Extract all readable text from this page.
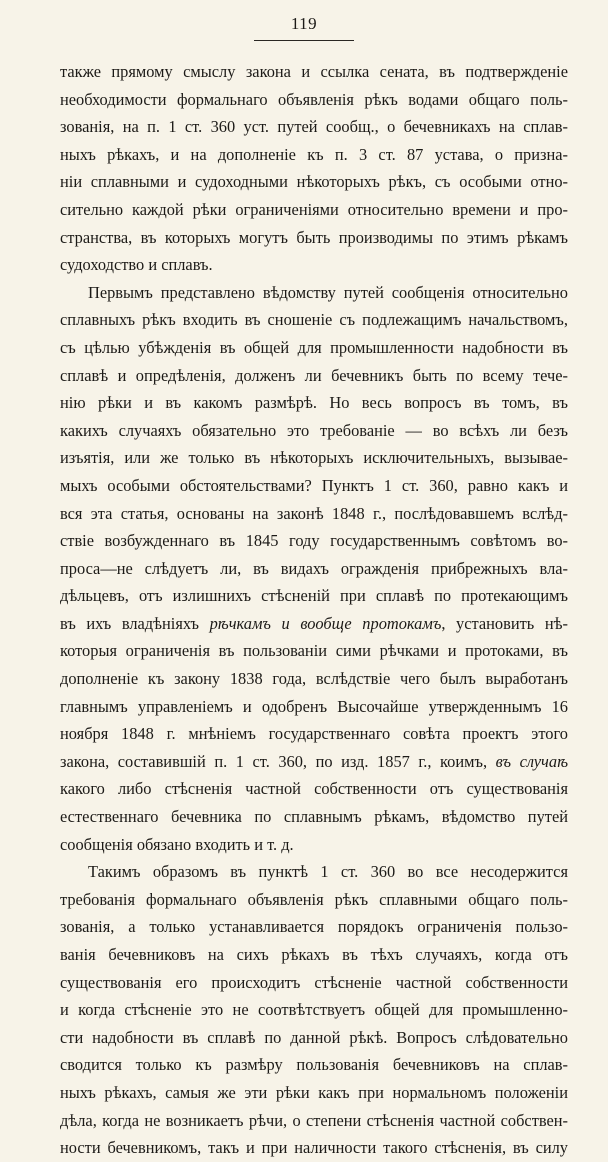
119
также прямому смыслу закона и ссылка сената, въ подтвержденіе
необходимости формальнаго объявленія рѣкъ водами общаго поль-
зованія, на п. 1 ст. 360 уст. путей сообщ., о бечевникахъ на сплав-
ныхъ рѣкахъ, и на дополненіе къ п. 3 ст. 87 устава, о призна-
ніи сплавными и судоходными нѣкоторыхъ рѣкъ, съ особыми отно-
сительно каждой рѣки ограниченіями относительно времени и про-
странства, въ которыхъ могутъ быть производимы по этимъ рѣкамъ
судоходство и сплавъ.
Первымъ представлено вѣдомству путей сообщенія относительно
сплавныхъ рѣкъ входить въ сношеніе съ подлежащимъ начальствомъ,
съ цѣлью убѣжденія въ общей для промышленности надобности въ
сплавѣ и опредѣленія, долженъ ли бечевникъ быть по всему тече-
нію рѣки и въ какомъ размѣрѣ. Но весь вопросъ въ томъ, въ
какихъ случаяхъ обязательно это требованіе — во всѣхъ ли безъ
изъятія, или же только въ нѣкоторыхъ исключительныхъ, вызывае-
мыхъ особыми обстоятельствами? Пунктъ 1 ст. 360, равно какъ и
вся эта статья, основаны на законѣ 1848 г., послѣдовавшемъ вслѣд-
ствіе возбужденнаго въ 1845 году государственнымъ совѣтомъ во-
проса—не слѣдуетъ ли, въ видахъ огражденія прибрежныхъ вла-
дѣльцевъ, отъ излишнихъ стѣсненій при сплавѣ по протекающимъ
въ ихъ владѣніяхъ рѣчкамъ и вообще протокамъ, установить нѣ-
которыя ограниченія въ пользованіи сими рѣчками и протоками, въ
дополненіе къ закону 1838 года, вслѣдствіе чего былъ выработанъ
главнымъ управленіемъ и одобренъ Высочайше утвержденнымъ 16
ноября 1848 г. мнѣніемъ государственнаго совѣта проектъ этого
закона, составившій п. 1 ст. 360, по изд. 1857 г., коимъ, въ случаѣ
какого либо стѣсненія частной собственности отъ существованія
естественнаго бечевника по сплавнымъ рѣкамъ, вѣдомство путей
сообщенія обязано входить и т. д.
Такимъ образомъ въ пунктѣ 1 ст. 360 во все несодержится
требованія формальнаго объявленія рѣкъ сплавными общаго поль-
зованія, а только устанавливается порядокъ ограниченія пользо-
ванія бечевниковъ на сихъ рѣкахъ въ тѣхъ случаяхъ, когда отъ
существованія его происходитъ стѣсненіе частной собственности
и когда стѣсненіе это не соотвѣтствуетъ общей для промышленно-
сти надобности въ сплавѣ по данной рѣкѣ. Вопросъ слѣдовательно
сводится только къ размѣру пользованія бечевниковъ на сплав-
ныхъ рѣкахъ, самыя же эти рѣки какъ при нормальномъ положеніи
дѣла, когда не возникаетъ рѣчи, о степени стѣсненія частной собствен-
ности бечевникомъ, такъ и при наличности такого стѣсненія, въ силу
